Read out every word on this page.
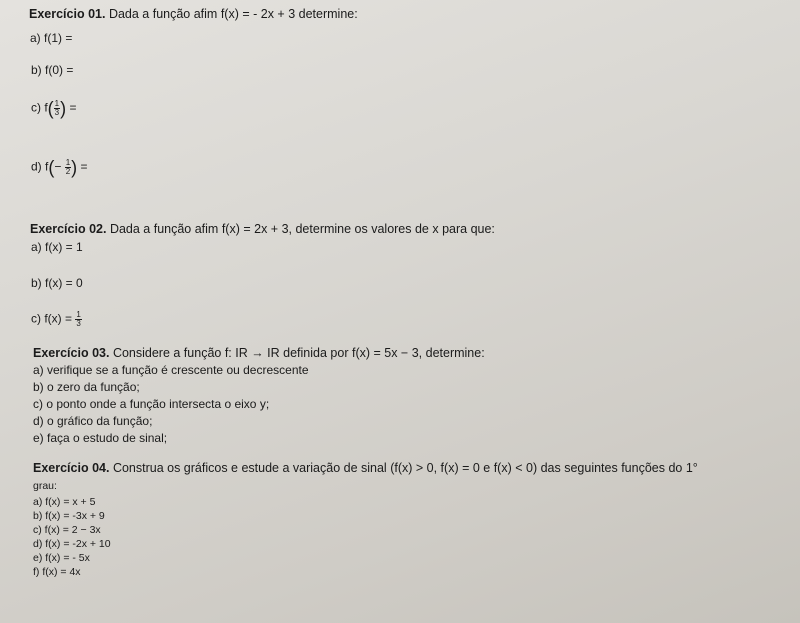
Exercício 01. Dada a função afim f(x) = - 2x + 3 determine:
a) f(1) =
b) f(0) =
c) $f( \frac{1}{3}$ ) =
d) $f(- \frac{1}{2}$ ) =
Exercício 02. Dada a função afim f(x) = 2x + 3, determine os valores de x para que:
a) f(x) = 1
b) f(x) = 0
c) $f(x) = \frac{1}{3}$
Exercício 03. Considere a função f: IR → IR definida por f(x) = 5x − 3, determine:
a) verifique se a função é crescente ou decrescente
b) o zero da função;
c) o ponto onde a função intersecta o eixo y;
d) o gráfico da função;
e) faça o estudo de sinal;
Exercício 04. Construa os gráficos e estude a variação de sinal (f(x) > 0, f(x) = 0 e f(x) < 0) das seguintes funções do 1°
grau:
a) f(x) = x + 5
b) f(x) = -3x + 9
c) f(x) = 2 − 3x
d) f(x) = -2x + 10
e) f(x) = - 5x
f) f(x) = 4x
